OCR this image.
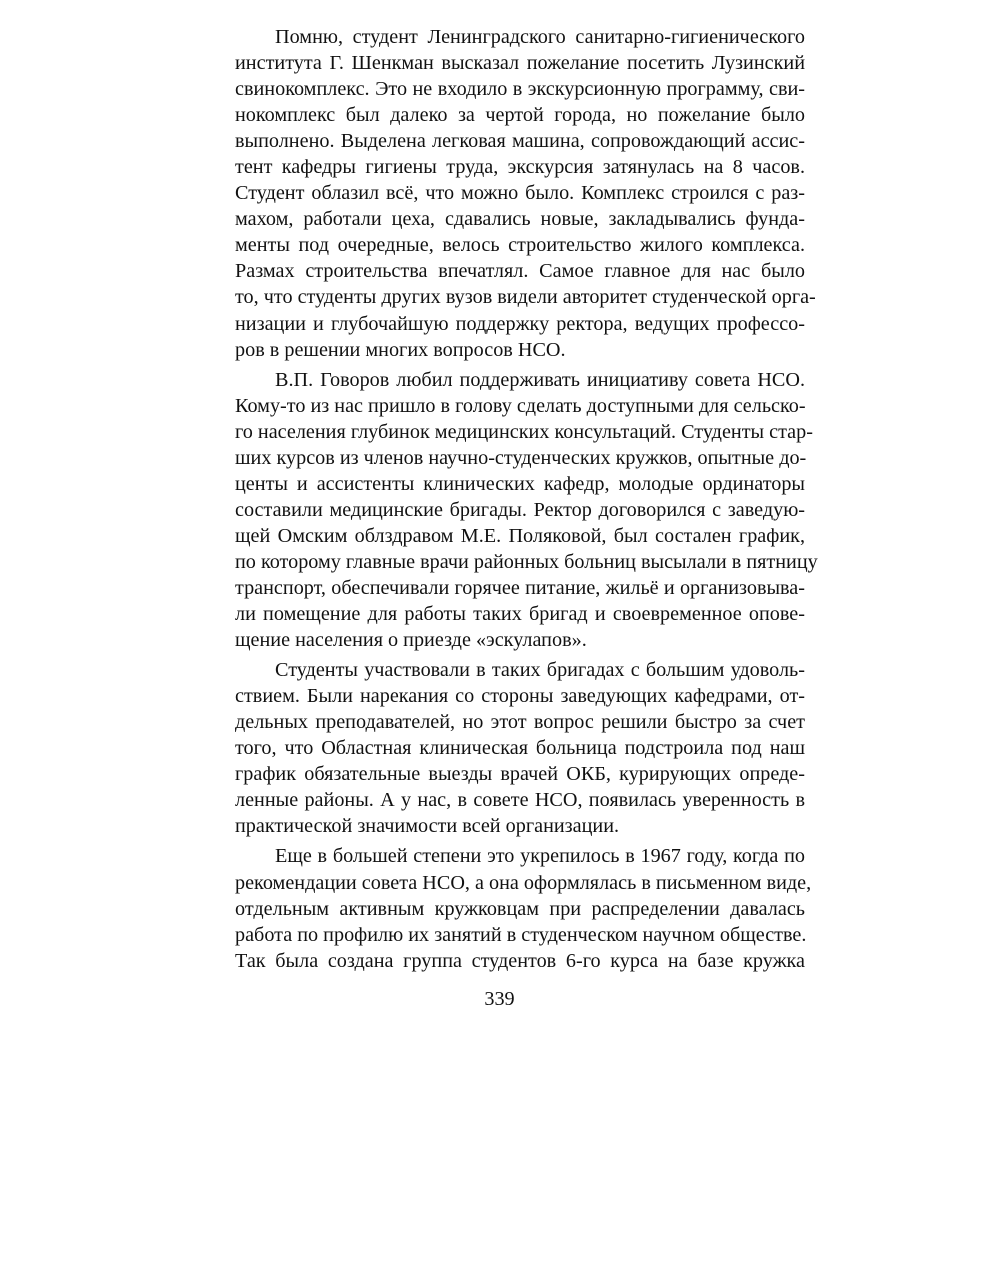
Помню, студент Ленинградского санитарно-гигиенического
института Г. Шенкман высказал пожелание посетить Лузинский
свинокомплекс. Это не входило в экскурсионную программу, сви-
нокомплекс был далеко за чертой города, но пожелание было
выполнено. Выделена легковая машина, сопровождающий ассис-
тент кафедры гигиены труда, экскурсия затянулась на 8 часов.
Студент облазил всё, что можно было. Комплекс строился с раз-
махом, работали цеха, сдавались новые, закладывались фунда-
менты под очередные, велось строительство жилого комплекса.
Размах строительства впечатлял. Самое главное для нас было
то, что студенты других вузов видели авторитет студенческой орга-
низации и глубочайшую поддержку ректора, ведущих профессо-
ров в решении многих вопросов НСО.
В.П. Говоров любил поддерживать инициативу совета НСО.
Кому-то из нас пришло в голову сделать доступными для сельско-
го населения глубинок медицинских консультаций. Студенты стар-
ших курсов из членов научно-студенческих кружков, опытные до-
центы и ассистенты клинических кафедр, молодые ординаторы
составили медицинские бригады. Ректор договорился с заведую-
щей Омским облздравом М.Е. Поляковой, был состален график,
по которому главные врачи районных больниц высылали в пятницу
транспорт, обеспечивали горячее питание, жильё и организовыва-
ли помещение для работы таких бригад и своевременное опове-
щение населения о приезде «эскулапов».
Студенты участвовали в таких бригадах с большим удоволь-
ствием. Были нарекания со стороны заведующих кафедрами, от-
дельных преподавателей, но этот вопрос решили быстро за счет
того, что Областная клиническая больница подстроила под наш
график обязательные выезды врачей ОКБ, курирующих опреде-
ленные районы. А у нас, в совете НСО, появилась уверенность в
практической значимости всей организации.
Еще в большей степени это укрепилось в 1967 году, когда по
рекомендации совета НСО, а она оформлялась в письменном виде,
отдельным активным кружковцам при распределении давалась
работа по профилю их занятий в студенческом научном обществе.
Так была создана группа студентов 6-го курса на базе кружка
339
